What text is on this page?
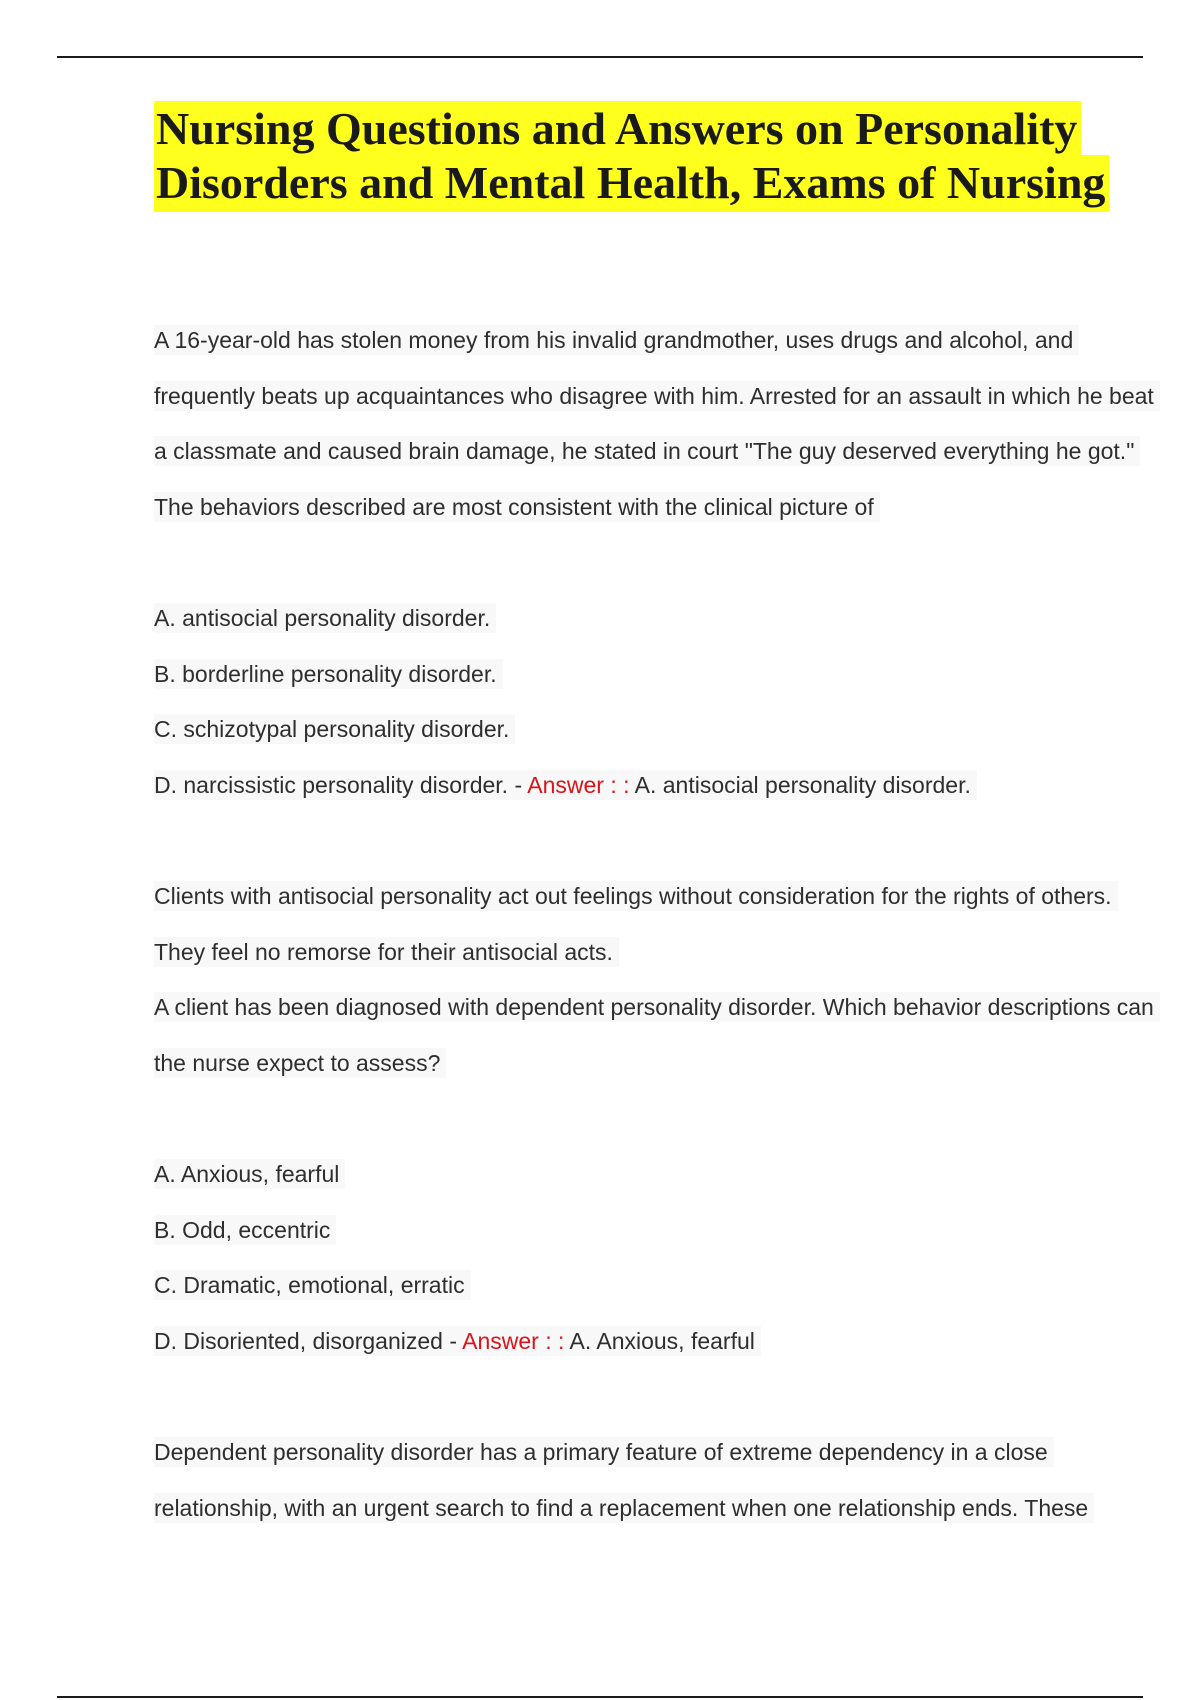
Nursing Questions and Answers on Personality
Disorders and Mental Health, Exams of Nursing
A 16-year-old has stolen money from his invalid grandmother, uses drugs and alcohol, and
frequently beats up acquaintances who disagree with him. Arrested for an assault in which he beat
a classmate and caused brain damage, he stated in court "The guy deserved everything he got."
The behaviors described are most consistent with the clinical picture of
A. antisocial personality disorder.
B. borderline personality disorder.
C. schizotypal personality disorder.
D. narcissistic personality disorder. - Answer : : A. antisocial personality disorder.
Clients with antisocial personality act out feelings without consideration for the rights of others.
They feel no remorse for their antisocial acts.
A client has been diagnosed with dependent personality disorder. Which behavior descriptions can
the nurse expect to assess?
A. Anxious, fearful
B. Odd, eccentric
C. Dramatic, emotional, erratic
D. Disoriented, disorganized - Answer : : A. Anxious, fearful
Dependent personality disorder has a primary feature of extreme dependency in a close
relationship, with an urgent search to find a replacement when one relationship ends. These
